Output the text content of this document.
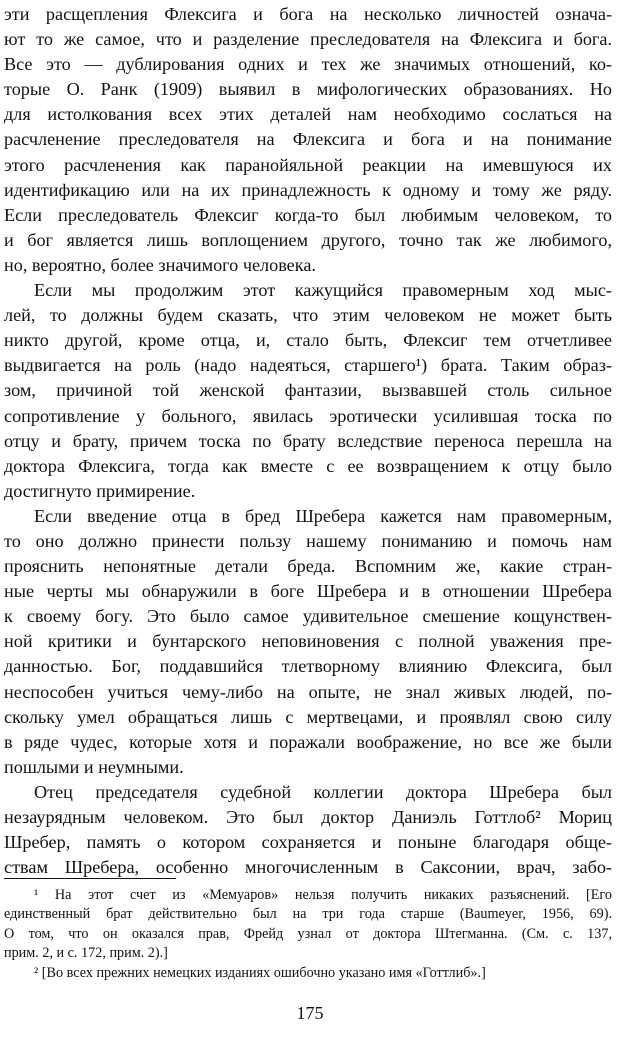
эти расщепления Флексига и бога на несколько личностей означа-
ют то же самое, что и разделение преследователя на Флексига и бога.
Все это — дублирования одних и тех же значимых отношений, ко-
торые О. Ранк (1909) выявил в мифологических образованиях. Но
для истолкования всех этих деталей нам необходимо сослаться на
расчленение преследователя на Флексига и бога и на понимание
этого расчленения как паранойяльной реакции на имевшуюся их
идентификацию или на их принадлежность к одному и тому же ряду.
Если преследователь Флексиг когда-то был любимым человеком, то
и бог является лишь воплощением другого, точно так же любимого,
но, вероятно, более значимого человека.
Если мы продолжим этот кажущийся правомерным ход мыс-
лей, то должны будем сказать, что этим человеком не может быть
никто другой, кроме отца, и, стало быть, Флексиг тем отчетливее
выдвигается на роль (надо надеяться, старшего¹) брата. Таким образ-
зом, причиной той женской фантазии, вызвавшей столь сильное
сопротивление у больного, явилась эротически усилившая тоска по
отцу и брату, причем тоска по брату вследствие переноса перешла на
доктора Флексига, тогда как вместе с ее возвращением к отцу было
достигнуто примирение.
Если введение отца в бред Шребера кажется нам правомерным,
то оно должно принести пользу нашему пониманию и помочь нам
прояснить непонятные детали бреда. Вспомним же, какие стран-
ные черты мы обнаружили в боге Шребера и в отношении Шребера
к своему богу. Это было самое удивительное смешение кощунствен-
ной критики и бунтарского неповиновения с полной уважения пре-
данностью. Бог, поддавшийся тлетворному влиянию Флексига, был
неспособен учиться чему-либо на опыте, не знал живых людей, по-
скольку умел обращаться лишь с мертвецами, и проявлял свою силу
в ряде чудес, которые хотя и поражали воображение, но все же были
пошлыми и неумными.
Отец председателя судебной коллегии доктора Шребера был
незаурядным человеком. Это был доктор Даниэль Готтлоб² Мориц
Шребер, память о котором сохраняется и поныне благодаря обще-
ствам Шребера, особенно многочисленным в Саксонии, врач, забо-
¹ На этот счет из «Мемуаров» нельзя получить никаких разъяснений. [Его
единственный брат действительно был на три года старше (Baumeyer, 1956, 69).
О том, что он оказался прав, Фрейд узнал от доктора Штегманна. (См. с. 137,
прим. 2, и с. 172, прим. 2).]
² [Во всех прежних немецких изданиях ошибочно указано имя «Готтлиб».]
175
